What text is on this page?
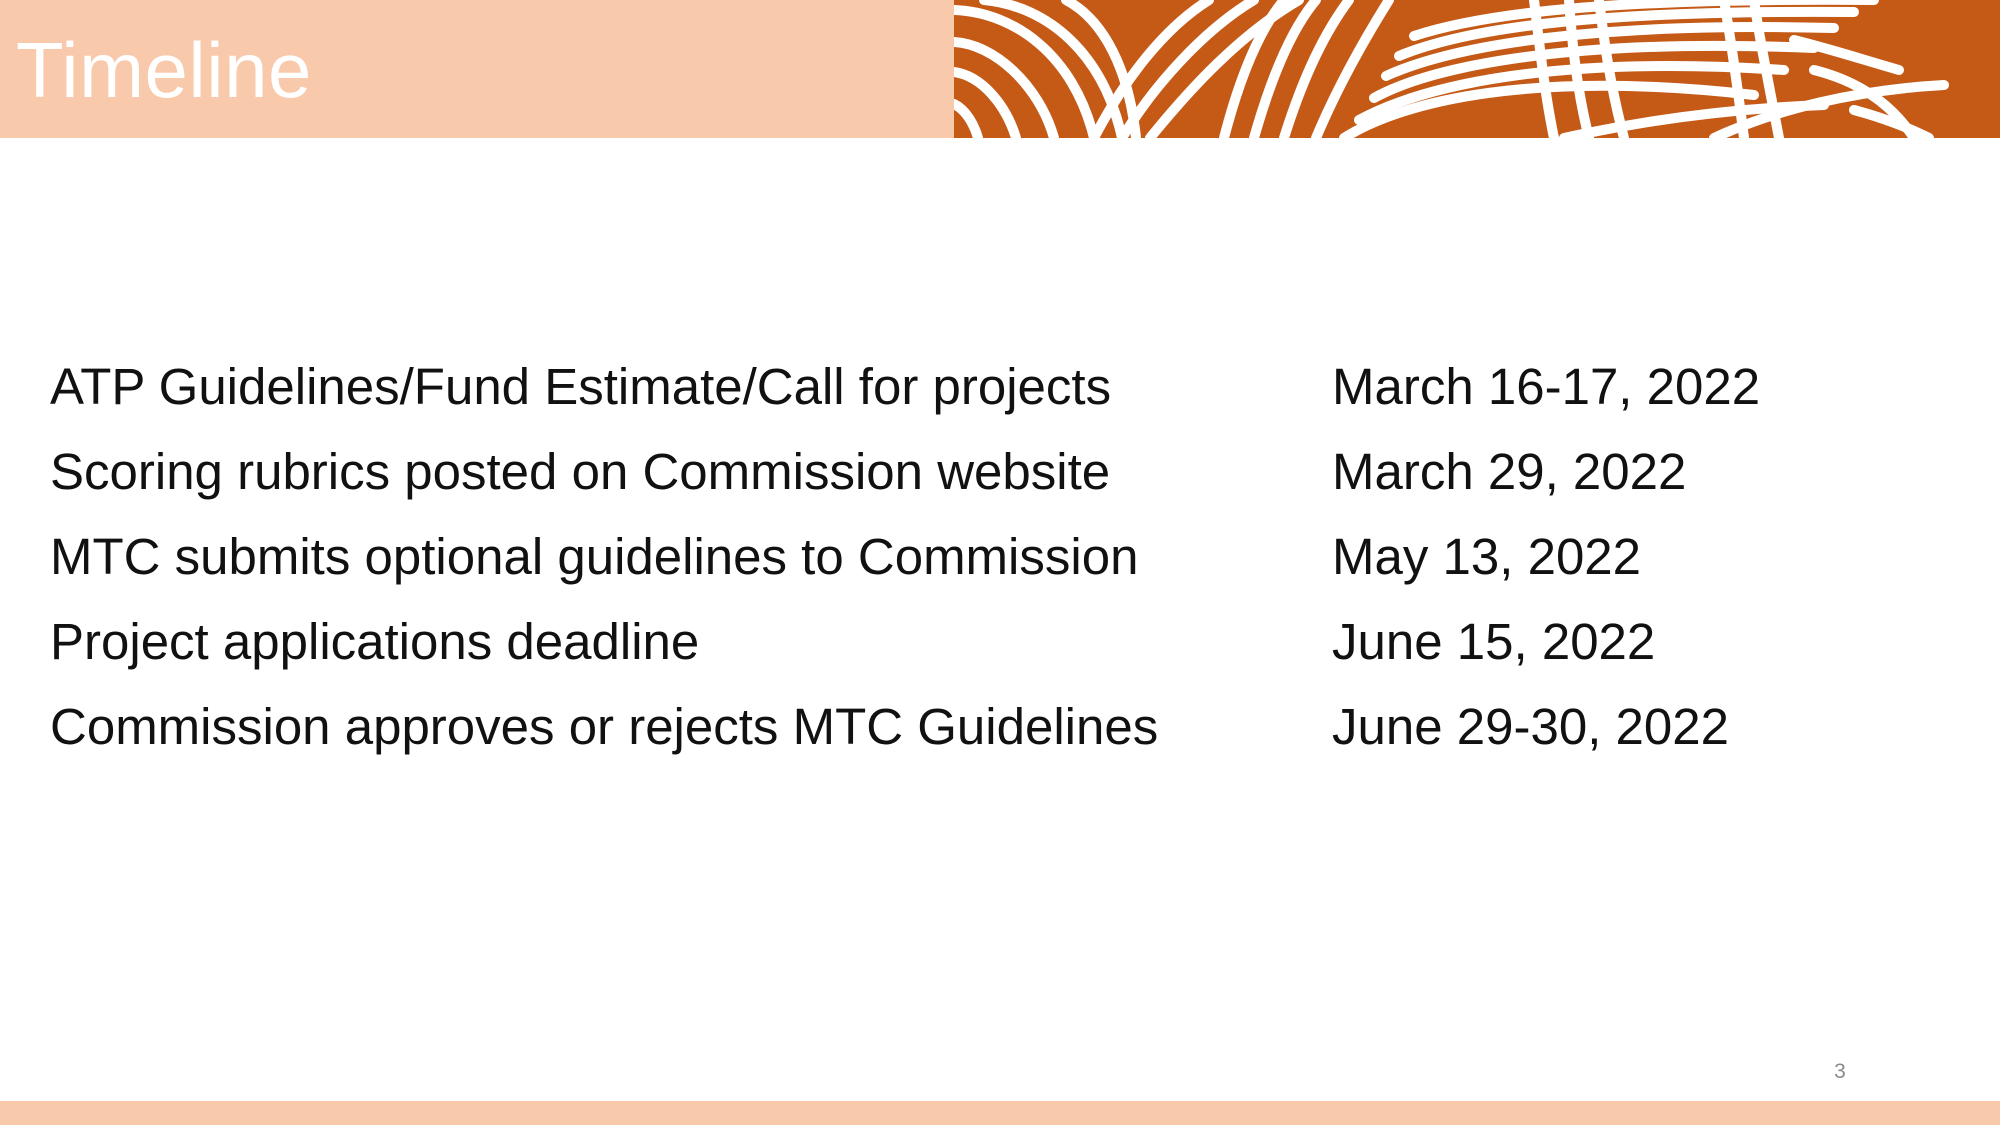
Timeline
ATP Guidelines/Fund Estimate/Call for projects	March 16-17, 2022
Scoring rubrics posted on Commission website	March 29, 2022
MTC submits optional guidelines to Commission	May 13, 2022
Project applications deadline	June 15, 2022
Commission approves or rejects MTC Guidelines	June 29-30, 2022
3
